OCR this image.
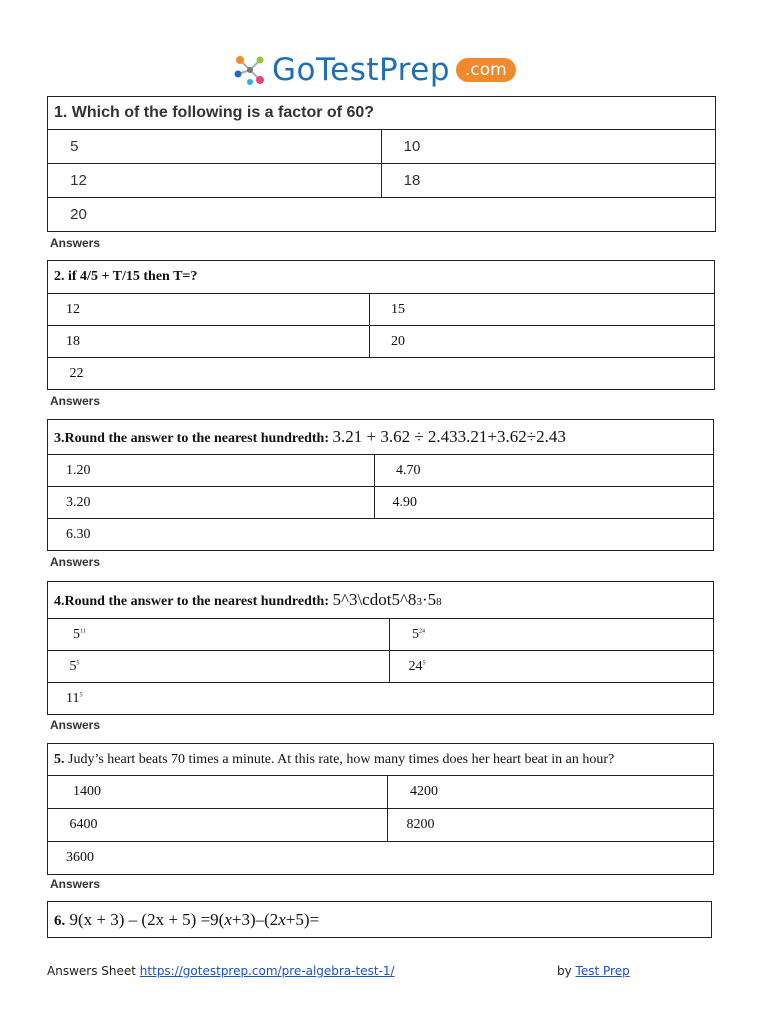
GoTestPrep .com
1. Which of the following is a factor of 60?	
5	10
12	18
20	
Answers
2. if 4/5 + T/15 then T=?	
12	15
18	20
22	
Answers
3.Round the answer to the nearest hundredth: 3.21 + 3.62 ÷ 2.433.21+3.62÷2.43	
1.20	4.70
3.20	4.90
6.30	
Answers
4.Round the answer to the nearest hundredth: 5^3\cdot5^83·58	
$5^{11}$	$5^{24}$
$5^5$	$24^5$
$11^5$
Answers
5. Judy’s heart beats 70 times a minute. At this rate, how many times does her heart beat in an hour?	
1400	4200
6400	8200
3600	
Answers
6. 9(x + 3) – (2x + 5) =9(x+3)–(2x+5)=
Answers Sheet https://gotestprep.com/pre-algebra-test-1/	by Test Prep
